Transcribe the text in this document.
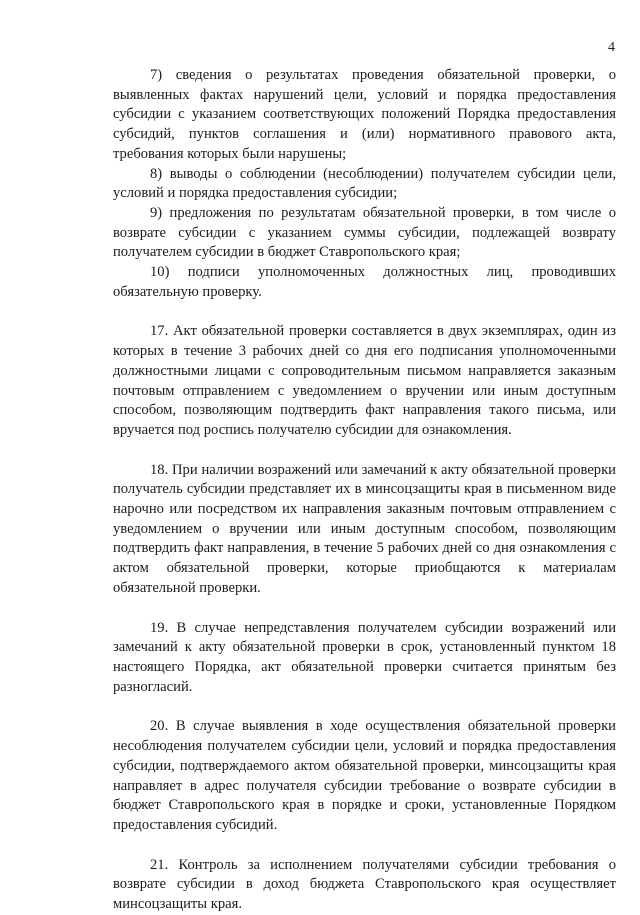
4

7) сведения о результатах проведения обязательной проверки, о выявленных фактах нарушений цели, условий и порядка предоставления субсидии с указанием соответствующих положений Порядка предоставления субсидий, пунктов соглашения и (или) нормативного правового акта, требования которых были нарушены;

8) выводы о соблюдении (несоблюдении) получателем субсидии цели, условий и порядка предоставления субсидии;

9) предложения по результатам обязательной проверки, в том числе о возврате субсидии с указанием суммы субсидии, подлежащей возврату получателем субсидии в бюджет Ставропольского края;

10) подписи уполномоченных должностных лиц, проводивших обязательную проверку.

17. Акт обязательной проверки составляется в двух экземплярах, один из которых в течение 3 рабочих дней со дня его подписания уполномоченными должностными лицами с сопроводительным письмом направляется заказным почтовым отправлением с уведомлением о вручении или иным доступным способом, позволяющим подтвердить факт направления такого письма, или вручается под роспись получателю субсидии для ознакомления.

18. При наличии возражений или замечаний к акту обязательной проверки получатель субсидии представляет их в минсоцзащиты края в письменном виде нарочно или посредством их направления заказным почтовым отправлением с уведомлением о вручении или иным доступным способом, позволяющим подтвердить факт направления, в течение 5 рабочих дней со дня ознакомления с актом обязательной проверки, которые приобщаются к материалам обязательной проверки.

19. В случае непредставления получателем субсидии возражений или замечаний к акту обязательной проверки в срок, установленный пунктом 18 настоящего Порядка, акт обязательной проверки считается принятым без разногласий.

20. В случае выявления в ходе осуществления обязательной проверки несоблюдения получателем субсидии цели, условий и порядка предоставления субсидии, подтверждаемого актом обязательной проверки, минсоцзащиты края направляет в адрес получателя субсидии требование о возврате субсидии в бюджет Ставропольского края в порядке и сроки, установленные Порядком предоставления субсидий.

21. Контроль за исполнением получателями субсидии требования о возврате субсидии в доход бюджета Ставропольского края осуществляет минсоцзащиты края.
